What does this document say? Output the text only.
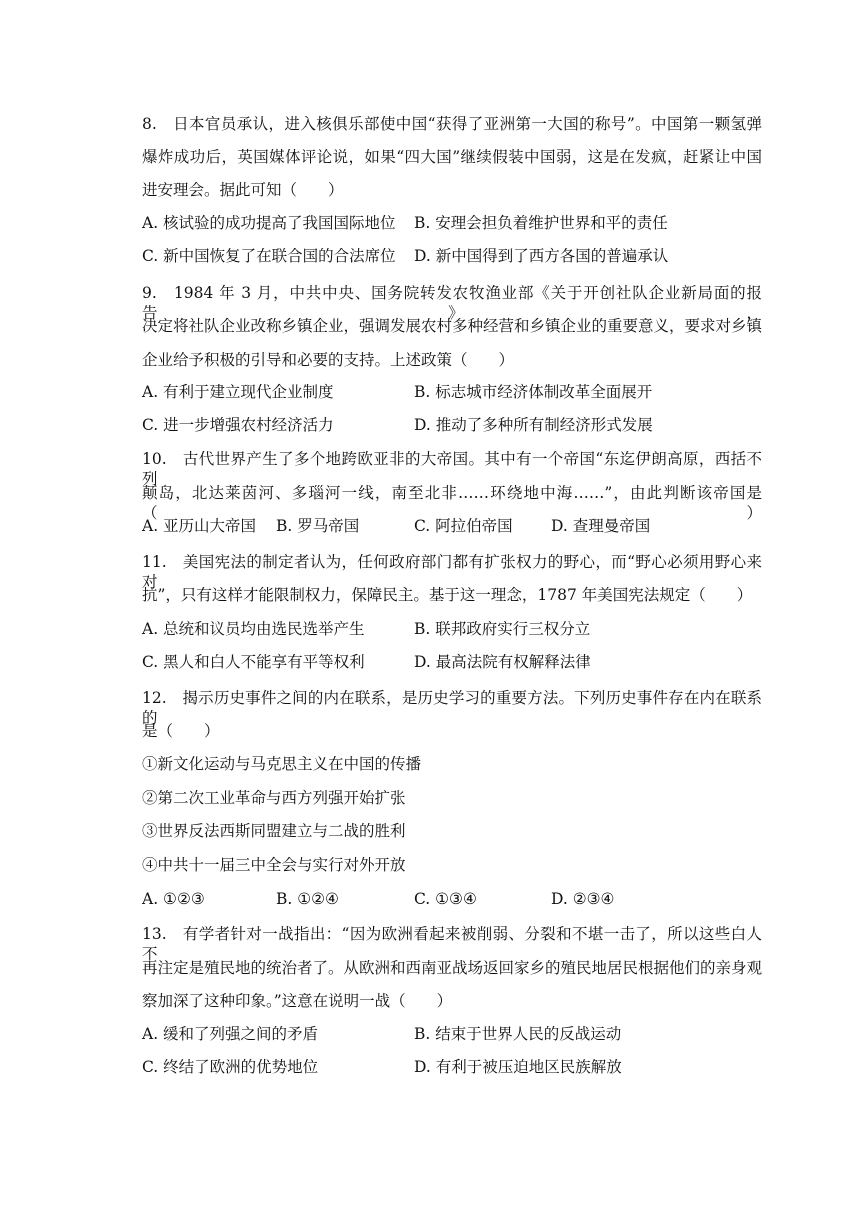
8.　日本官员承认，进入核俱乐部使中国“获得了亚洲第一大国的称号”。中国第一颗氢弹
爆炸成功后，英国媒体评论说，如果“四大国”继续假装中国弱，这是在发疯，赶紧让中国
进安理会。据此可知（　　）
A. 核试验的成功提高了我国国际地位 B. 安理会担负着维护世界和平的责任
C. 新中国恢复了在联合国的合法席位 D. 新中国得到了西方各国的普遍承认
9.　1984 年 3 月，中共中央、国务院转发农牧渔业部《关于开创社队企业新局面的报告》，
决定将社队企业改称乡镇企业，强调发展农村多种经营和乡镇企业的重要意义，要求对乡镇
企业给予积极的引导和必要的支持。上述政策（　　）
A. 有利于建立现代企业制度	B. 标志城市经济体制改革全面展开
C. 进一步增强农村经济活力	D. 推动了多种所有制经济形式发展
10.　古代世界产生了多个地跨欧亚非的大帝国。其中有一个帝国“东迄伊朗高原，西括不列
颠岛，北达莱茵河、多瑙河一线，南至北非……环绕地中海……”，由此判断该帝国是（　　）
A. 亚历山大帝国 B. 罗马帝国	C. 阿拉伯帝国 D. 查理曼帝国
11.　美国宪法的制定者认为，任何政府部门都有扩张权力的野心，而“野心必须用野心来对
抗”，只有这样才能限制权力，保障民主。基于这一理念，1787 年美国宪法规定（　　）
A. 总统和议员均由选民选举产生	B. 联邦政府实行三权分立
C. 黑人和白人不能享有平等权利	D. 最高法院有权解释法律
12.　揭示历史事件之间的内在联系，是历史学习的重要方法。下列历史事件存在内在联系的
是（　　）
①新文化运动与马克思主义在中国的传播
②第二次工业革命与西方列强开始扩张
③世界反法西斯同盟建立与二战的胜利
④中共十一届三中全会与实行对外开放
A. ①②③	B. ①②④	C. ①③④	D. ②③④
13.　有学者针对一战指出：“因为欧洲看起来被削弱、分裂和不堪一击了，所以这些白人不
再注定是殖民地的统治者了。从欧洲和西南亚战场返回家乡的殖民地居民根据他们的亲身观
察加深了这种印象。”这意在说明一战（　　）
A. 缓和了列强之间的矛盾	B. 结束于世界人民的反战运动
C. 终结了欧洲的优势地位	D. 有利于被压迫地区民族解放
